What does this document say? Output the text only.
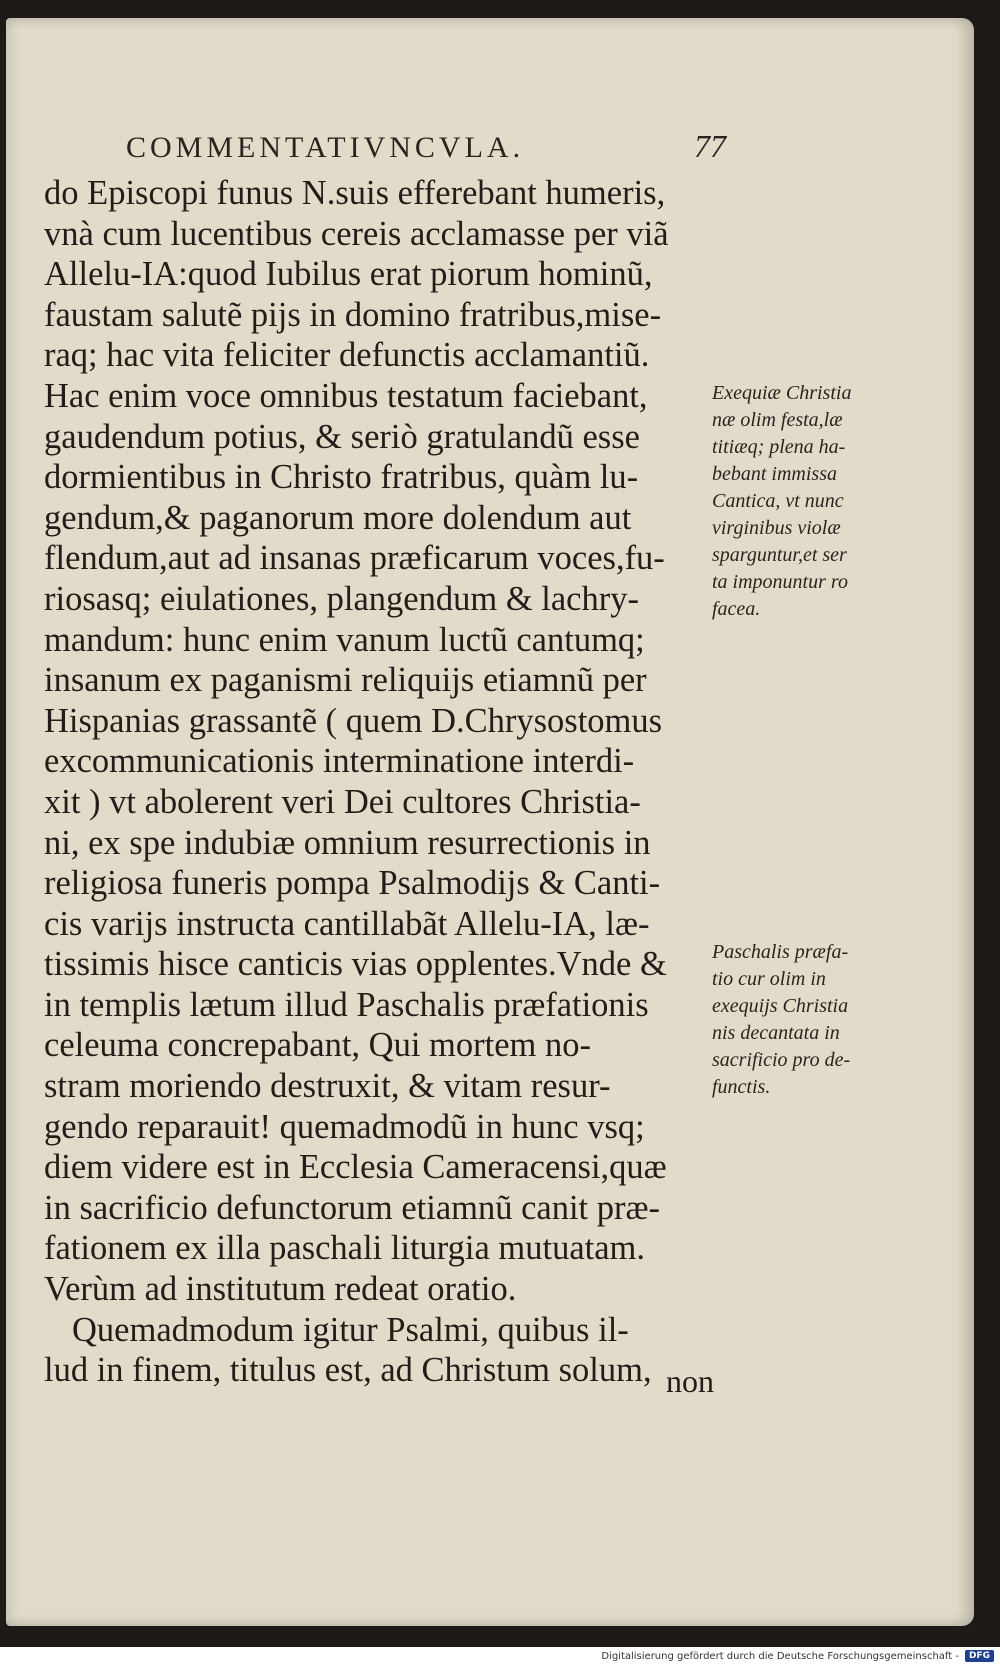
COMMENTATIVNCVLA.	77
do Episcopi funus N.suis efferebant humeris,
vnà cum lucentibus cereis acclamasse per viã
Allelu-IA:quod Iubilus erat piorum hominũ,
faustam salutẽ pijs in domino fratribus,mise-
raq; hac vita feliciter defunctis acclamantiũ.
Hac enim voce omnibus testatum faciebant,
gaudendum potius, & seriò gratulandũ esse
dormientibus in Christo fratribus, quàm lu-
gendum,& paganorum more dolendum aut
flendum,aut ad insanas præficarum voces,fu-
riosasq; eiulationes, plangendum & lachry-
mandum: hunc enim vanum luctũ cantumq;
insanum ex paganismi reliquijs etiamnũ per
Hispanias grassantẽ ( quem D.Chrysostomus
excommunicationis interminatione interdi-
xit ) vt abolerent veri Dei cultores Christia-
ni, ex spe indubiæ omnium resurrectionis in
religiosa funeris pompa Psalmodijs & Canti-
cis varijs instructa cantillabãt Allelu-IA, læ-
tissimis hisce canticis vias opplentes.Vnde &
in templis lætum illud Paschalis præfationis
celeuma concrepabant, Qui mortem no-
stram moriendo destruxit, & vitam resur-
gendo reparauit! quemadmodũ in hunc vsq;
diem videre est in Ecclesia Cameracensi,quæ
in sacrificio defunctorum etiamnũ canit præ-
fationem ex illa paschali liturgia mutuatam.
Verùm ad institutum redeat oratio.
Quemadmodum igitur Psalmi, quibus il-
lud in finem, titulus est, ad Christum solum,
Exequiæ Christia
næ olim festa,læ
titiæq; plena ha-
bebant immissa
Cantica, vt nunc
virginibus violæ
sparguntur,et ser
ta imponuntur ro
facea.
Paschalis præfa-
tio cur olim in
exequijs Christia
nis decantata in
sacrificio pro de-
functis.
non
Digitalisierung gefördert durch die Deutsche Forschungsgemeinschaft -	DFG
